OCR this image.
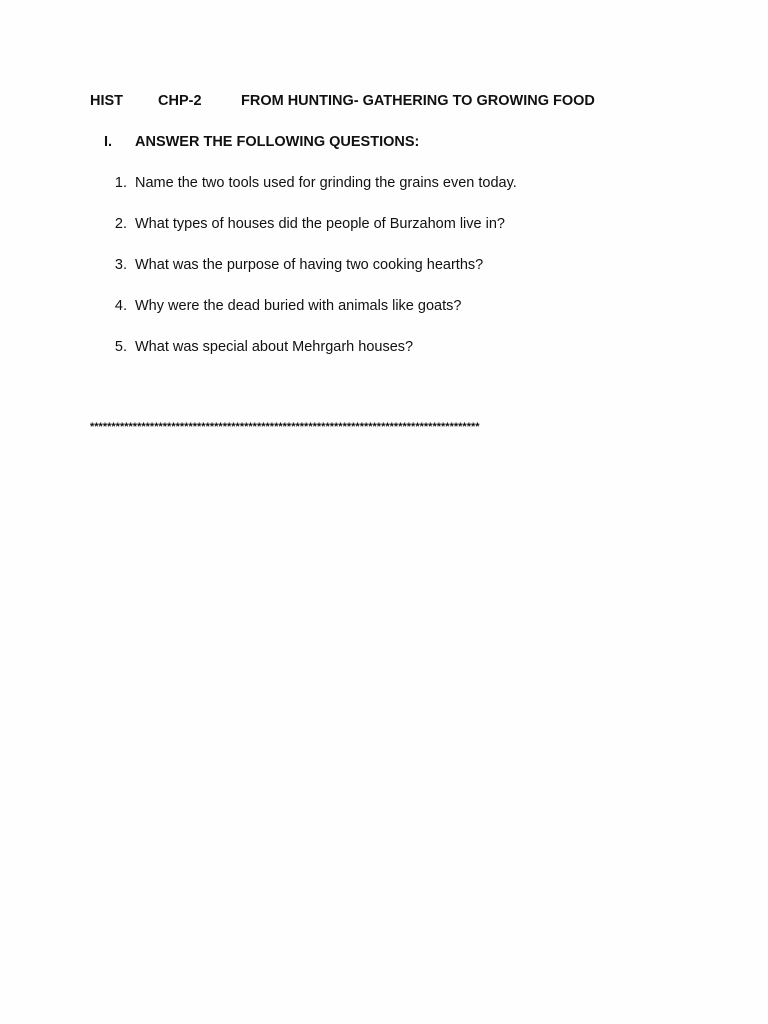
HIST CHP-2	FROM HUNTING- GATHERING TO GROWING FOOD
I. ANSWER THE FOLLOWING QUESTIONS:
1. Name the two tools used for grinding the grains even today.
2. What types of houses did the people of Burzahom live in?
3. What was the purpose of having two cooking hearths?
4. Why were the dead buried with animals like goats?
5. What was special about Mehrgarh houses?
*******************************************************************************************
